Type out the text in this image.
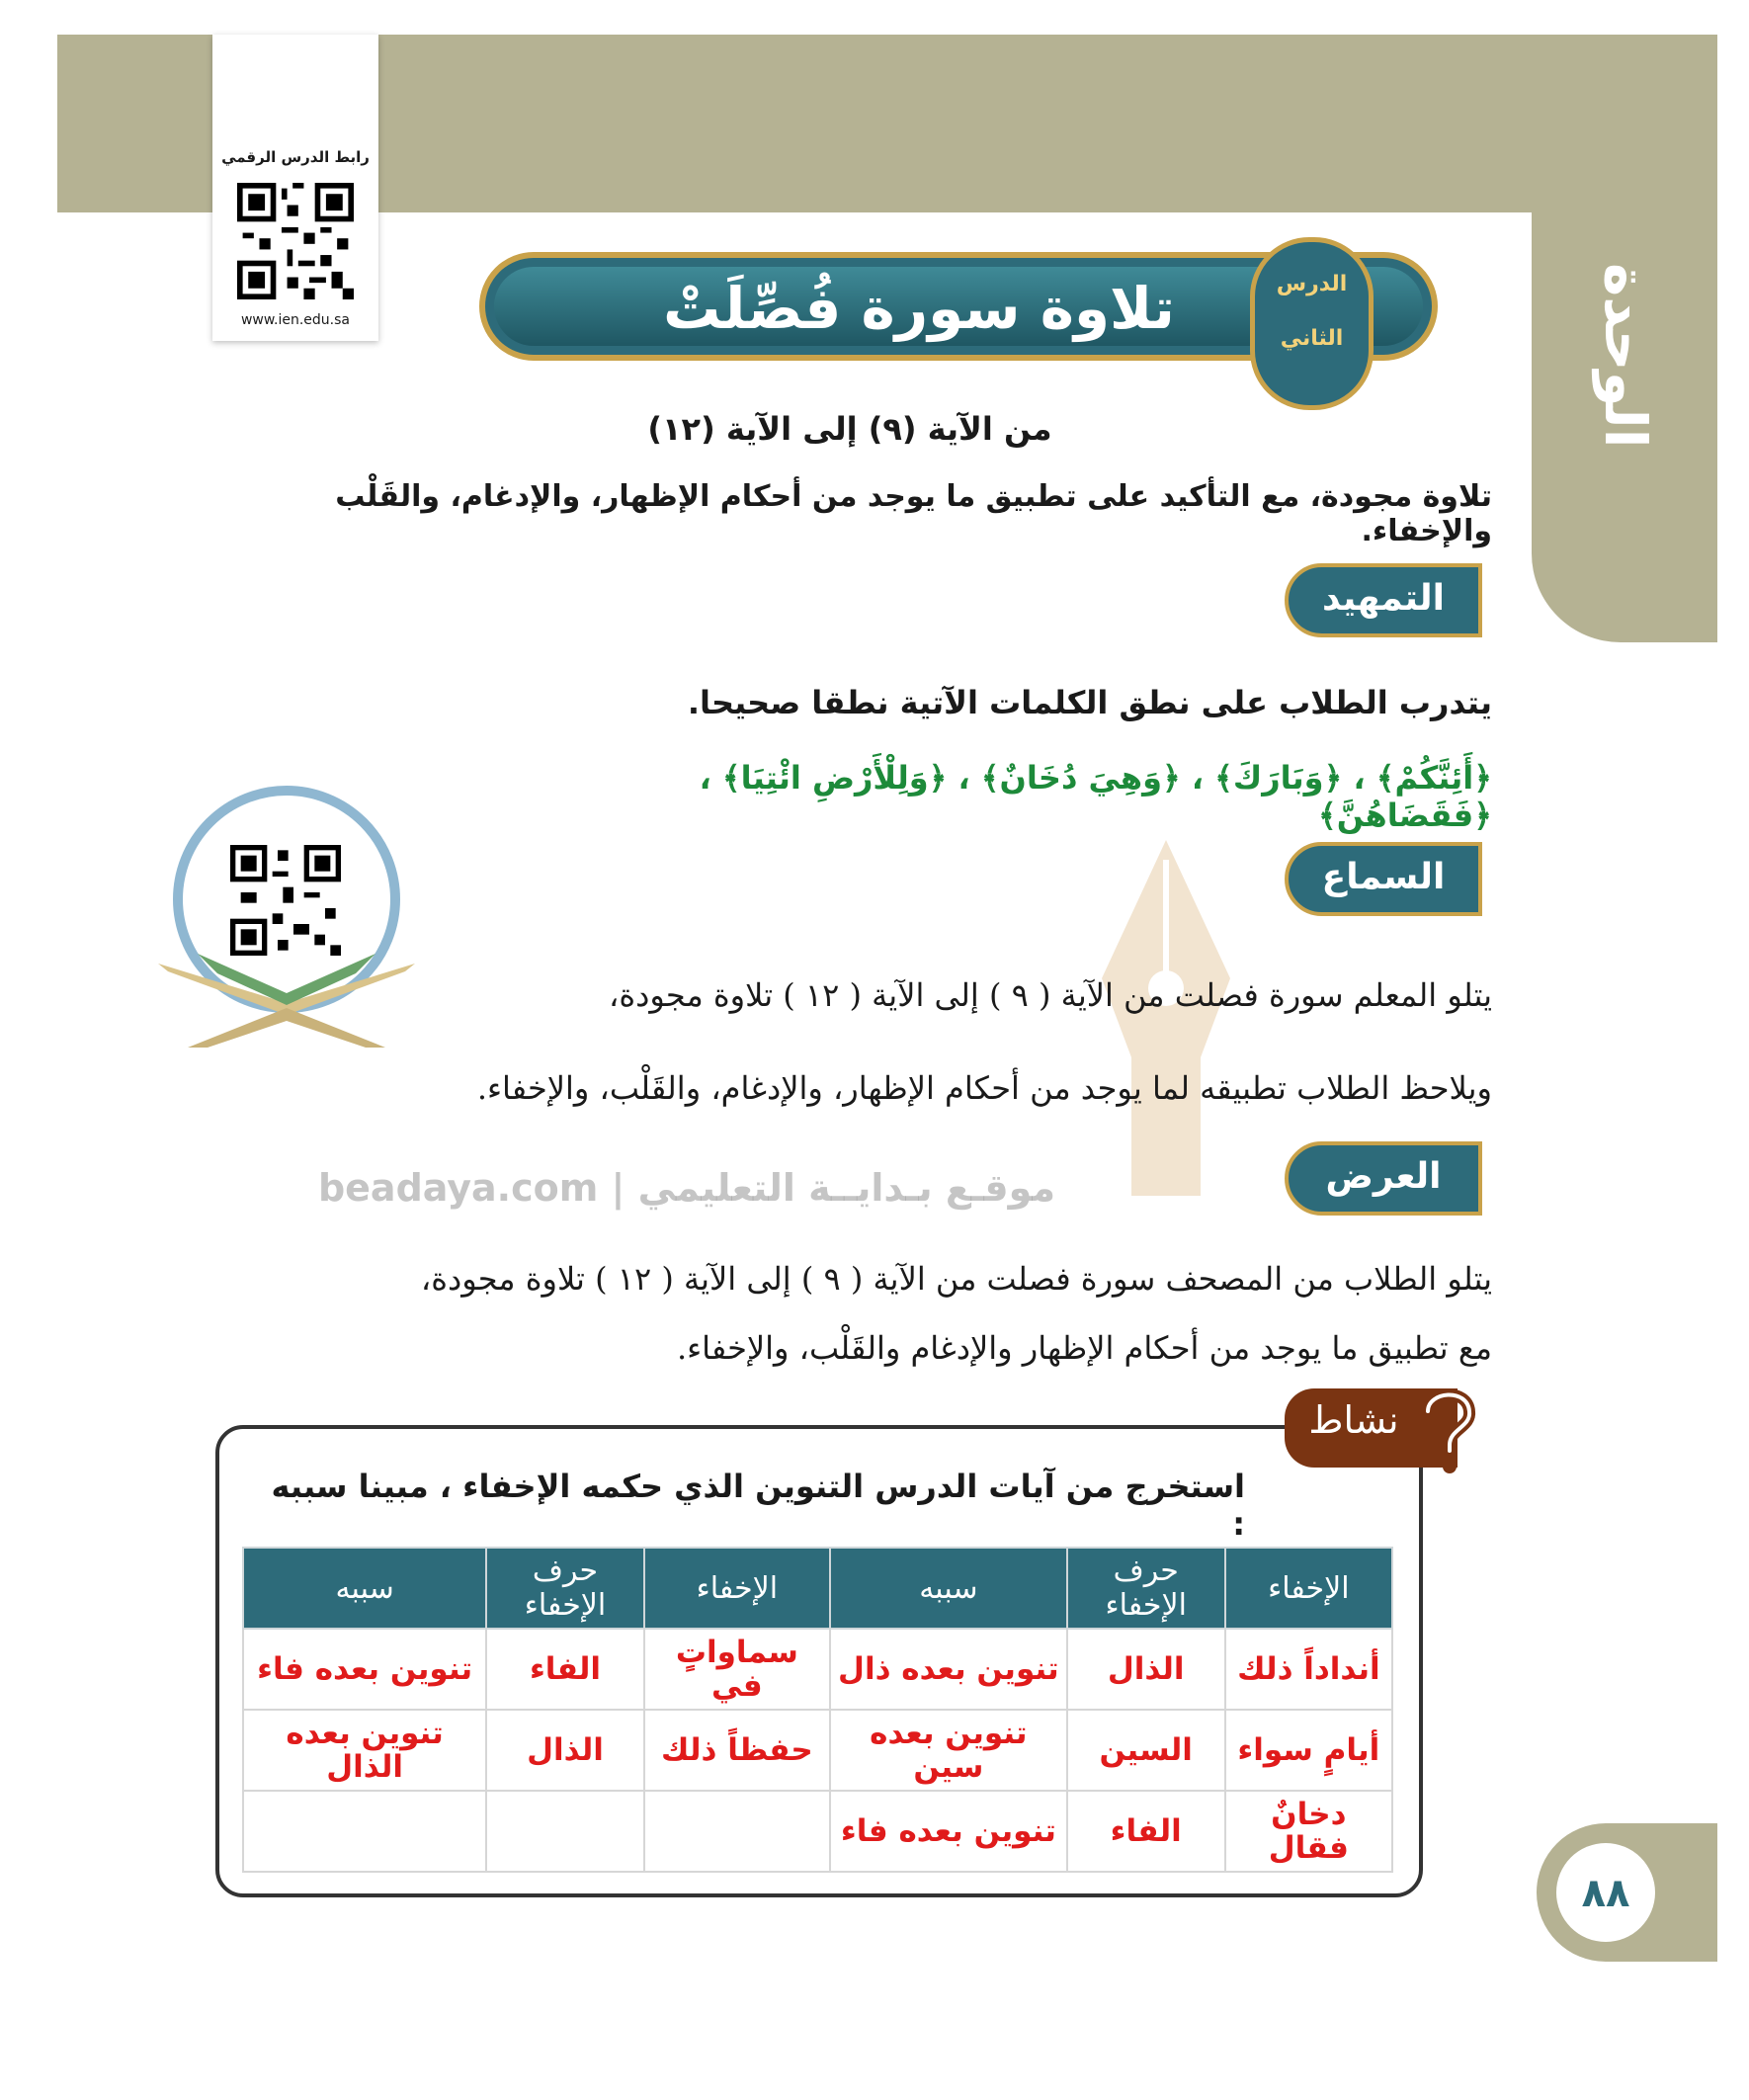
الوحدة الثانية
رابط الدرس الرقمي
www.ien.edu.sa	تلاوة سورة فُصِّلَتْ	الدرس
الثاني
من الآية (٩) إلى الآية (١٢)
تلاوة مجودة، مع التأكيد على تطبيق ما يوجد من أحكام الإظهار، والإدغام، والقَلْب والإخفاء.
موقـع بـدايــة التعليمي | beadaya.com
التمهيد
يتدرب الطلاب على نطق الكلمات الآتية نطقا صحيحا.
﴿أَئِنَّكُمْ﴾ ، ﴿وَبَارَكَ﴾ ، ﴿وَهِيَ دُخَانٌ﴾ ، ﴿وَلِلْأَرْضِ ائْتِيَا﴾ ، ﴿فَقَضَاهُنَّ﴾
السماع
يتلو المعلم سورة فصلت من الآية ( ٩ ) إلى الآية ( ١٢ ) تلاوة مجودة،
ويلاحظ الطلاب تطبيقه لما يوجد من أحكام الإظهار، والإدغام، والقَلْب، والإخفاء.
العرض
يتلو الطلاب من المصحف سورة فصلت من الآية ( ٩ ) إلى الآية ( ١٢ ) تلاوة مجودة،
مع تطبيق ما يوجد من أحكام الإظهار والإدغام والقَلْب، والإخفاء.
نشاط
استخرج من آيات الدرس التنوين الذي حكمه الإخفاء ، مبينا سببه :
الإخفاء	حرف الإخفاء	سببه	الإخفاء	حرف الإخفاء	سببه
أنداداً ذلك	الذال	تنوين بعده ذال	سماواتٍ في	الفاء	تنوين بعده فاء
أيامٍ سواء	السين	تنوين بعده سين	حفظاً ذلك	الذال	تنوين بعده الذال
دخانٌ فقال	الفاء	تنوين بعده فاء			
٨٨
